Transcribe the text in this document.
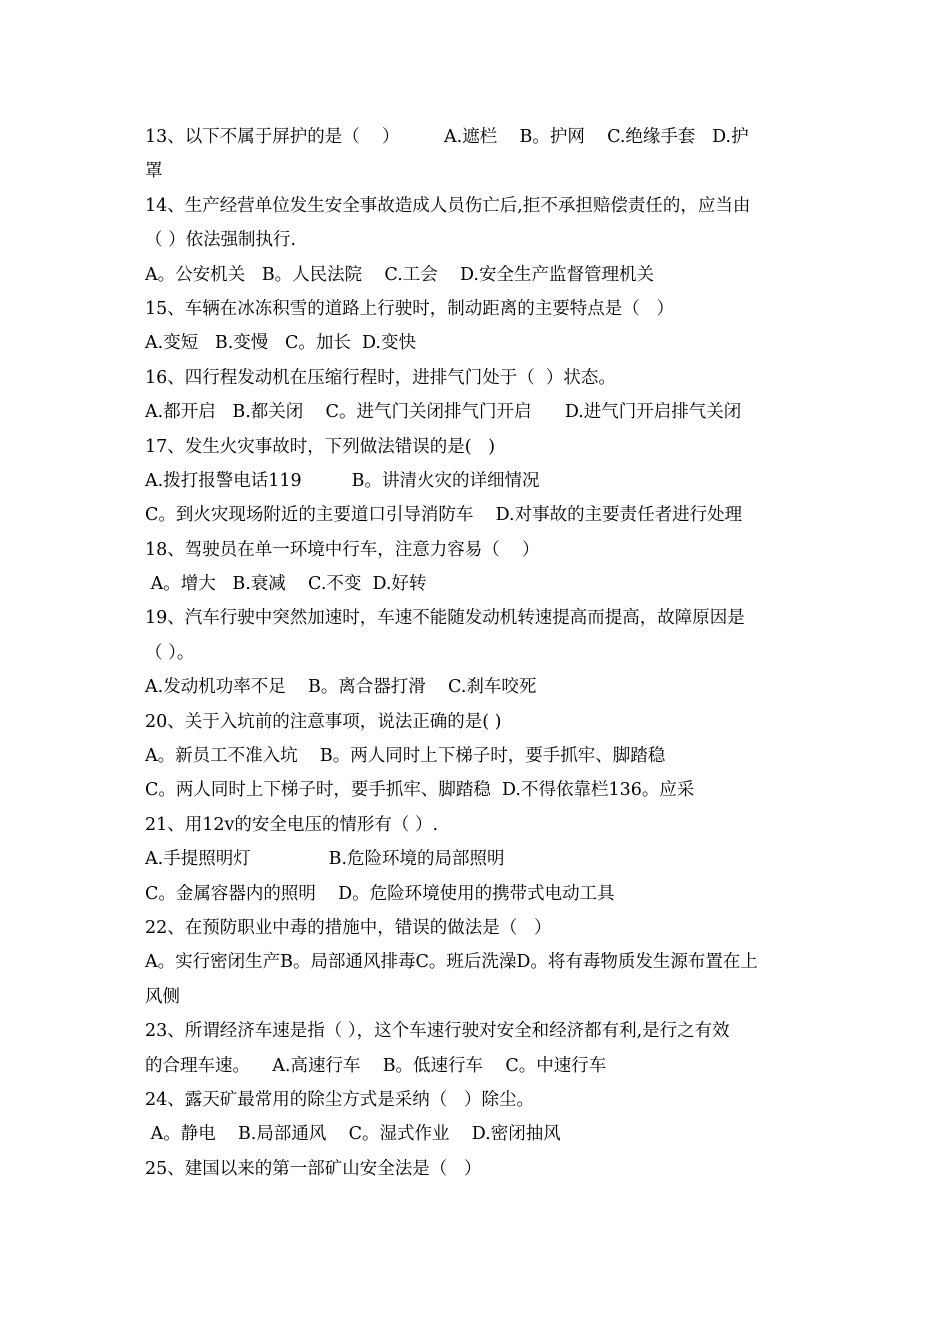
13、以下不属于屏护的是（    ）        A.遮栏    B。护网    C.绝缘手套   D.护
罩
14、生产经营单位发生安全事故造成人员伤亡后,拒不承担赔偿责任的，应当由
（ ）依法强制执行.
A。公安机关   B。人民法院    C.工会    D.安全生产监督管理机关
15、车辆在冰冻积雪的道路上行驶时，制动距离的主要特点是（   ）
A.变短   B.变慢   C。加长  D.变快
16、四行程发动机在压缩行程时，进排气门处于（  ）状态。
A.都开启   B.都关闭    C。进气门关闭排气门开启      D.进气门开启排气关闭
17、发生火灾事故时，下列做法错误的是(   )
A.拨打报警电话119         B。讲清火灾的详细情况
C。到火灾现场附近的主要道口引导消防车    D.对事故的主要责任者进行处理
18、驾驶员在单一环境中行车，注意力容易（    ）
A。增大   B.衰减    C.不变  D.好转
19、汽车行驶中突然加速时，车速不能随发动机转速提高而提高，故障原因是
（ ）。
A.发动机功率不足    B。离合器打滑    C.刹车咬死
20、关于入坑前的注意事项，说法正确的是( )
A。新员工不准入坑    B。两人同时上下梯子时，要手抓牢、脚踏稳
C。两人同时上下梯子时，要手抓牢、脚踏稳  D.不得依靠栏136。应采
21、用12v的安全电压的情形有（ ）.
A.手提照明灯              B.危险环境的局部照明
C。金属容器内的照明    D。危险环境使用的携带式电动工具
22、在预防职业中毒的措施中，错误的做法是（   ）
A。实行密闭生产B。局部通风排毒C。班后洗澡D。将有毒物质发生源布置在上
风侧
23、所谓经济车速是指（ ），这个车速行驶对安全和经济都有利,是行之有效
的合理车速。    A.高速行车    B。低速行车    C。中速行车
24、露天矿最常用的除尘方式是采纳（   ）除尘。
A。静电    B.局部通风    C。湿式作业    D.密闭抽风
25、建国以来的第一部矿山安全法是（   ）
